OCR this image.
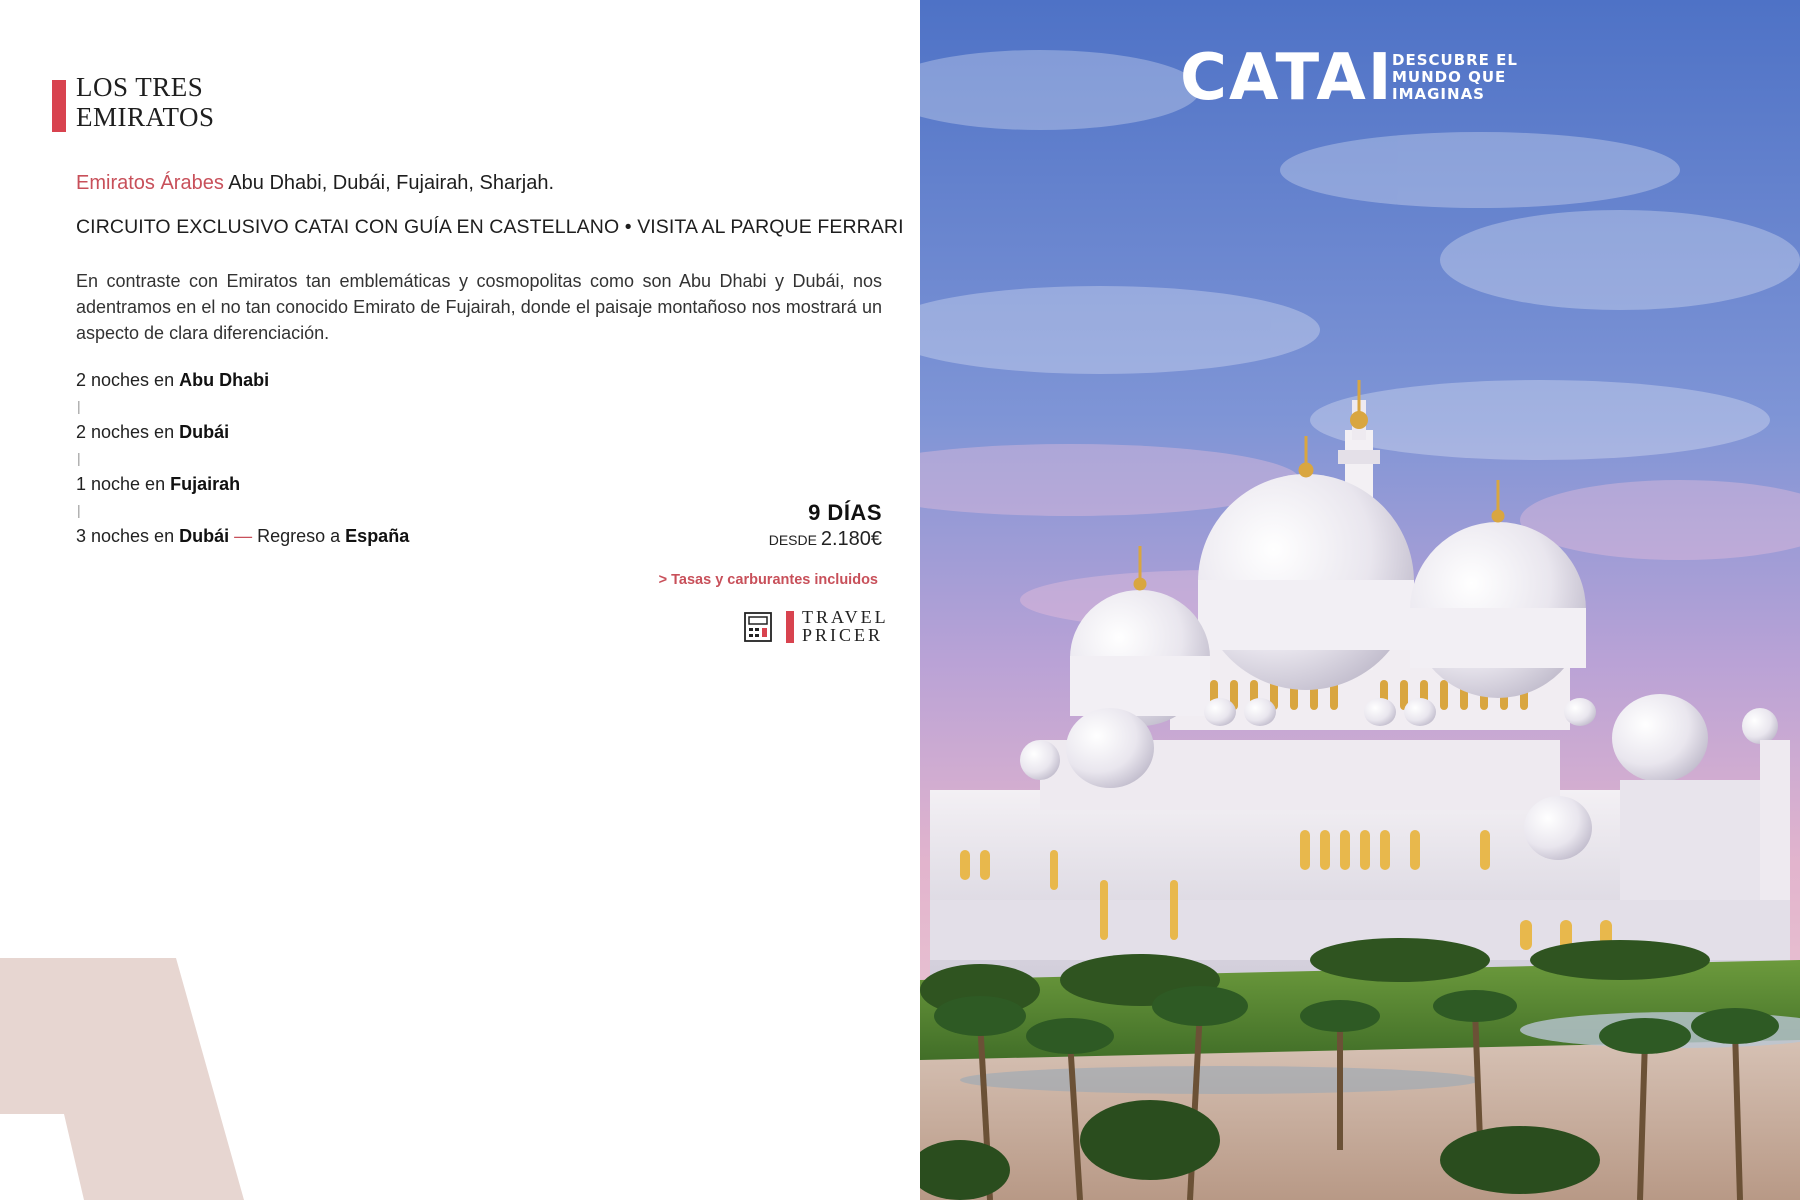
LOS TRES
EMIRATOS
Emiratos Árabes Abu Dhabi, Dubái, Fujairah, Sharjah.
CIRCUITO EXCLUSIVO CATAI CON GUÍA EN CASTELLANO • VISITA AL PARQUE FERRARI
En contraste con Emiratos tan emblemáticas y cosmopolitas como son Abu Dhabi y Dubái, nos adentramos en el no tan conocido Emirato de Fujairah, donde el paisaje montañoso nos mostrará un aspecto de clara diferenciación.
2 noches en Abu Dhabi
|
2 noches en Dubái
|
1 noche en Fujairah
|
3 noches en Dubái — Regreso a España
9 DÍAS
DESDE 2.180€
> Tasas y carburantes incluidos
TRAVEL
PRICER
CATAI
DESCUBRE EL
MUNDO QUE
IMAGINAS
